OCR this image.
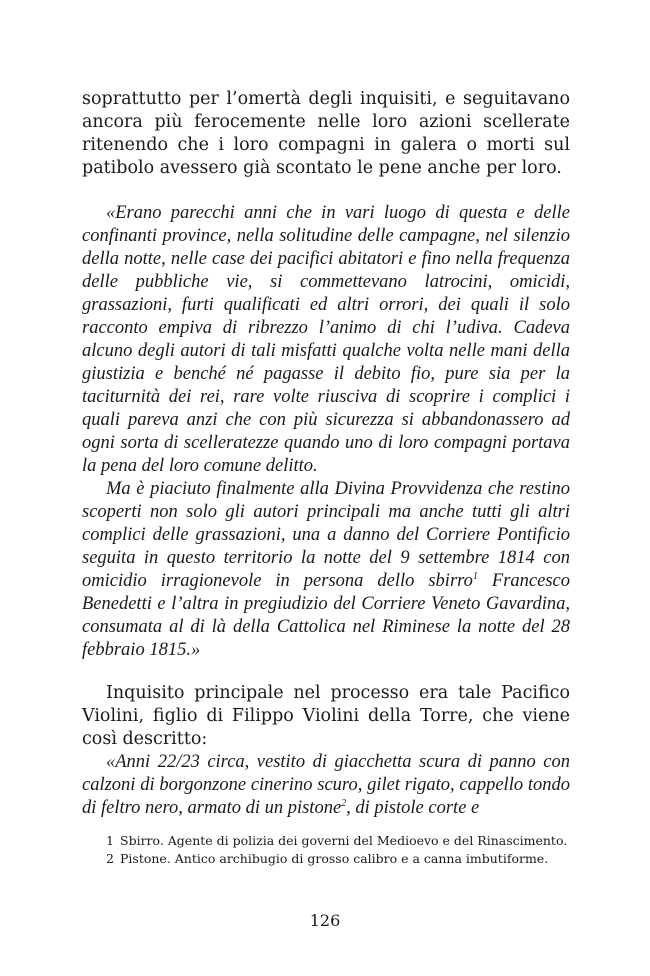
soprattutto per l’omertà degli inquisiti, e seguitavano ancora più ferocemente nelle loro azioni scellerate ritenendo che i loro compagni in galera o morti sul patibolo avessero già scontato le pene anche per loro.

«Erano parecchi anni che in vari luogo di questa e delle confinanti province, nella solitudine delle campagne, nel silenzio della notte, nelle case dei pacifici abitatori e fino nella frequenza delle pubbliche vie, si commettevano latrocini, omicidi, grassazioni, furti qualificati ed altri orrori, dei quali il solo racconto empiva di ribrezzo l’animo di chi l’udiva. Cadeva alcuno degli autori di tali misfatti qualche volta nelle mani della giustizia e benché né pagasse il debito fio, pure sia per la taciturnità dei rei, rare volte riusciva di scoprire i complici i quali pareva anzi che con più sicurezza si abbandonassero ad ogni sorta di scelleratezze quando uno di loro compagni portava la pena del loro comune delitto.

Ma è piaciuto finalmente alla Divina Provvidenza che restino scoperti non solo gli autori principali ma anche tutti gli altri complici delle grassazioni, una a danno del Corriere Pontificio seguita in questo territorio la notte del 9 settembre 1814 con omicidio irragionevole in persona dello sbirro$^1$ Francesco Benedetti e l’altra in pregiudizio del Corriere Veneto Gavardina, consumata al di là della Cattolica nel Riminese la notte del 28 febbraio 1815.»

Inquisito principale nel processo era tale Pacifico Violini, figlio di Filippo Violini della Torre, che viene così descritto:

«Anni 22/23 circa, vestito di giacchetta scura di panno con calzoni di borgonzone cinerino scuro, gilet rigato, cappello tondo di feltro nero, armato di un pistone$^2$, di pistole corte e

1 Sbirro. Agente di polizia dei governi del Medioevo e del Rinascimento.

2 Pistone. Antico archibugio di grosso calibro e a canna imbutiforme.

126
